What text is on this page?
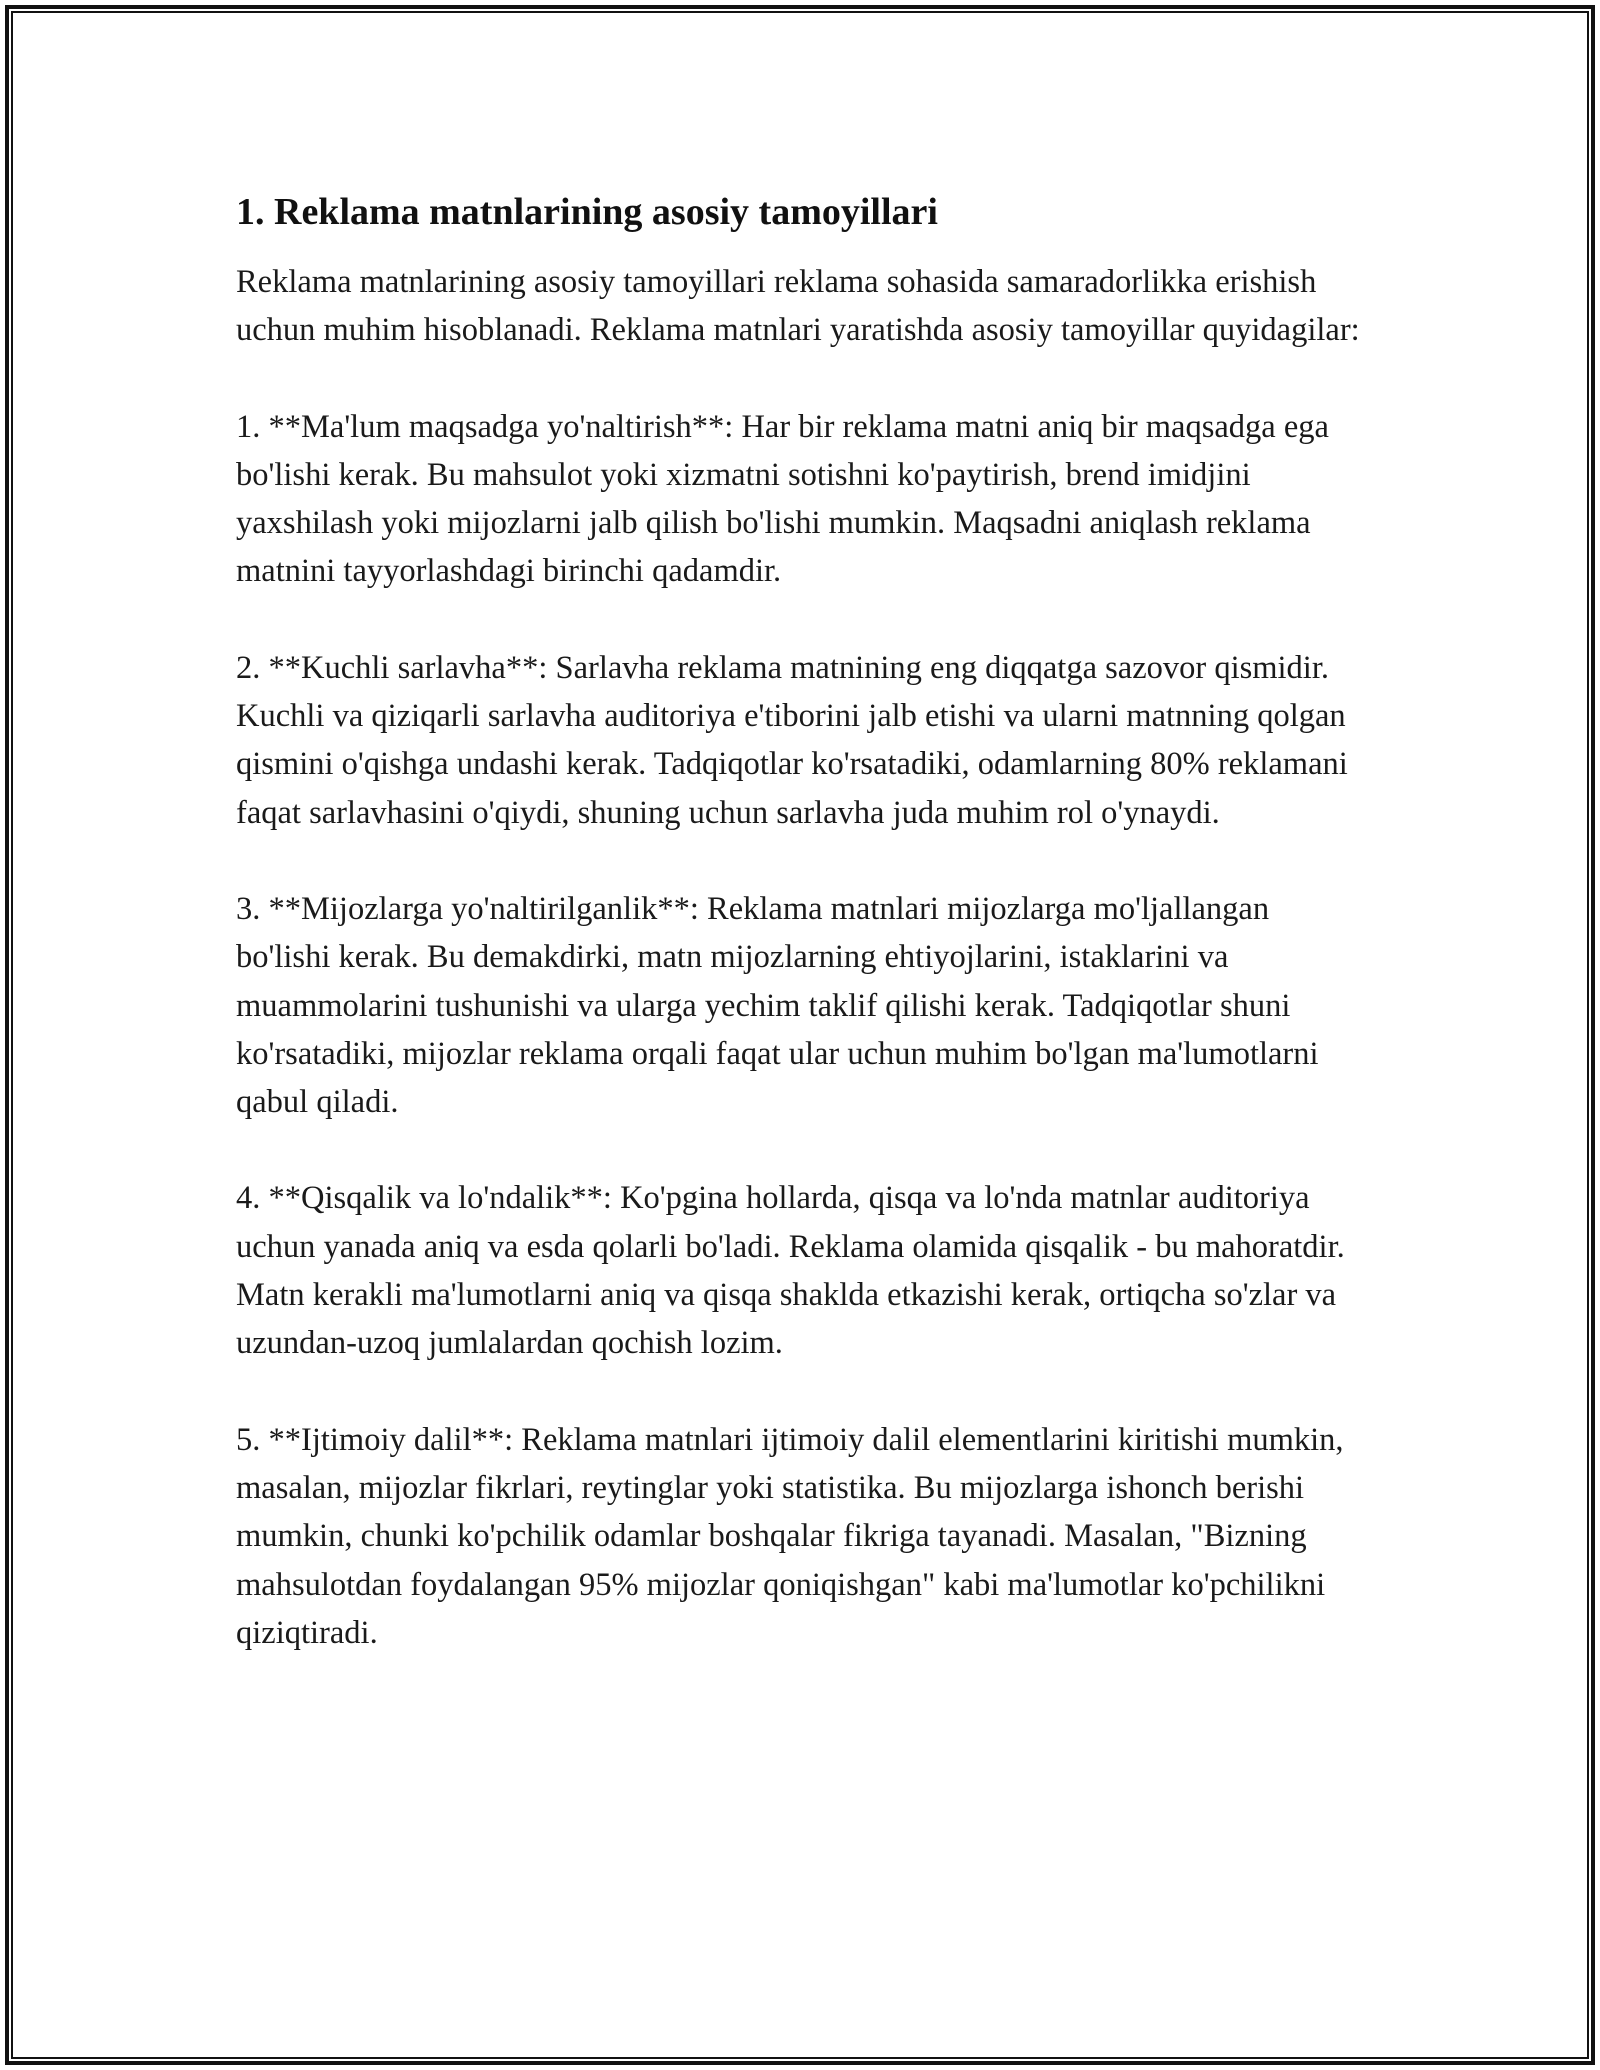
1. Reklama matnlarining asosiy tamoyillari

Reklama matnlarining asosiy tamoyillari reklama sohasida samaradorlikka erishish uchun muhim hisoblanadi. Reklama matnlari yaratishda asosiy tamoyillar quyidagilar:

1. **Ma'lum maqsadga yo'naltirish**: Har bir reklama matni aniq bir maqsadga ega bo'lishi kerak. Bu mahsulot yoki xizmatni sotishni ko'paytirish, brend imidjini yaxshilash yoki mijozlarni jalb qilish bo'lishi mumkin. Maqsadni aniqlash reklama matnini tayyorlashdagi birinchi qadamdir.

2. **Kuchli sarlavha**: Sarlavha reklama matnining eng diqqatga sazovor qismidir. Kuchli va qiziqarli sarlavha auditoriya e'tiborini jalb etishi va ularni matnning qolgan qismini o'qishga undashi kerak. Tadqiqotlar ko'rsatadiki, odamlarning 80% reklamani faqat sarlavhasini o'qiydi, shuning uchun sarlavha juda muhim rol o'ynaydi.

3. **Mijozlarga yo'naltirilganlik**: Reklama matnlari mijozlarga mo'ljallangan bo'lishi kerak. Bu demakdirki, matn mijozlarning ehtiyojlarini, istaklarini va muammolarini tushunishi va ularga yechim taklif qilishi kerak. Tadqiqotlar shuni ko'rsatadiki, mijozlar reklama orqali faqat ular uchun muhim bo'lgan ma'lumotlarni qabul qiladi.

4. **Qisqalik va lo'ndalik**: Ko'pgina hollarda, qisqa va lo'nda matnlar auditoriya uchun yanada aniq va esda qolarli bo'ladi. Reklama olamida qisqalik - bu mahoratdir. Matn kerakli ma'lumotlarni aniq va qisqa shaklda etkazishi kerak, ortiqcha so'zlar va uzundan-uzoq jumlalardan qochish lozim.

5. **Ijtimoiy dalil**: Reklama matnlari ijtimoiy dalil elementlarini kiritishi mumkin, masalan, mijozlar fikrlari, reytinglar yoki statistika. Bu mijozlarga ishonch berishi mumkin, chunki ko'pchilik odamlar boshqalar fikriga tayanadi. Masalan, "Bizning mahsulotdan foydalangan 95% mijozlar qoniqishgan" kabi ma'lumotlar ko'pchilikni qiziqtiradi.
